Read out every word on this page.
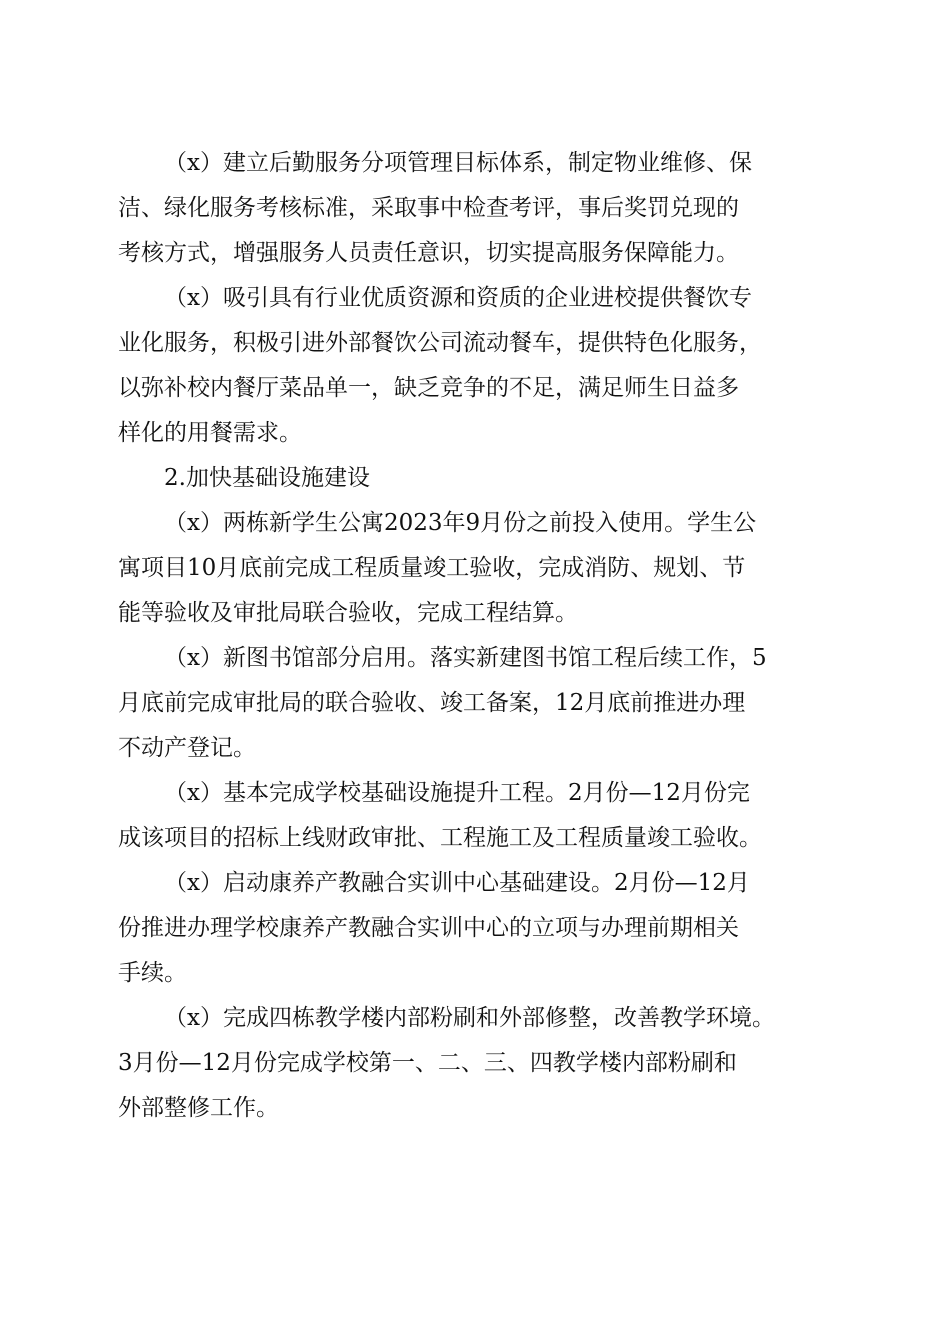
（x）建立后勤服务分项管理目标体系，制定物业维修、保
洁、绿化服务考核标准，采取事中检查考评，事后奖罚兑现的
考核方式，增强服务人员责任意识，切实提高服务保障能力。
（x）吸引具有行业优质资源和资质的企业进校提供餐饮专
业化服务，积极引进外部餐饮公司流动餐车，提供特色化服务，
以弥补校内餐厅菜品单一，缺乏竞争的不足，满足师生日益多
样化的用餐需求。
2.加快基础设施建设
（x）两栋新学生公寓2023年9月份之前投入使用。学生公
寓项目10月底前完成工程质量竣工验收，完成消防、规划、节
能等验收及审批局联合验收，完成工程结算。
（x）新图书馆部分启用。落实新建图书馆工程后续工作，5
月底前完成审批局的联合验收、竣工备案，12月底前推进办理
不动产登记。
（x）基本完成学校基础设施提升工程。2月份—12月份完
成该项目的招标上线财政审批、工程施工及工程质量竣工验收。
（x）启动康养产教融合实训中心基础建设。2月份—12月
份推进办理学校康养产教融合实训中心的立项与办理前期相关
手续。
（x）完成四栋教学楼内部粉刷和外部修整，改善教学环境。
3月份—12月份完成学校第一、二、三、四教学楼内部粉刷和
外部整修工作。
